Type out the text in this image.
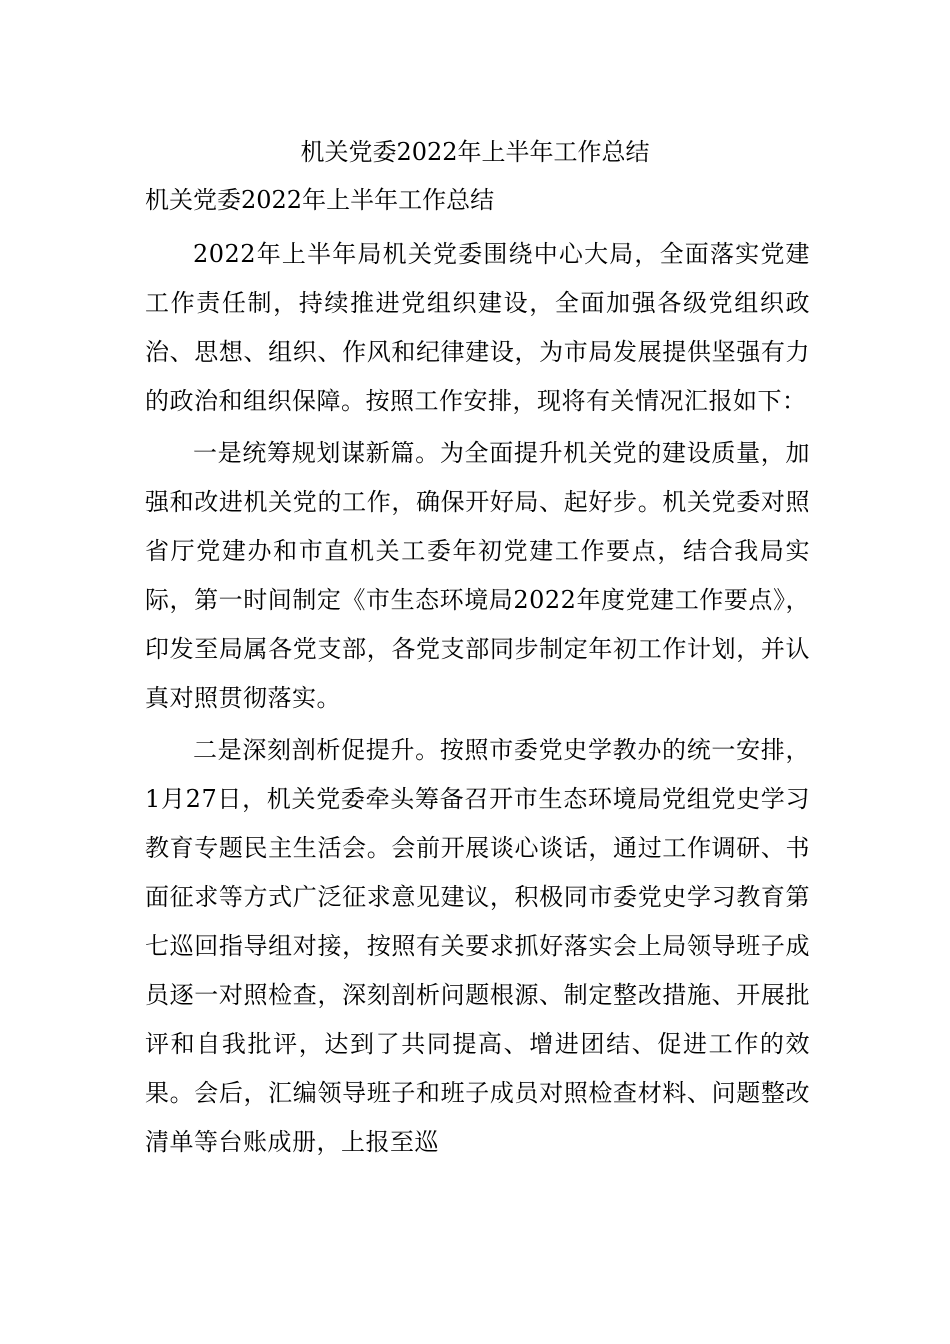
机关党委2022年上半年工作总结
机关党委2022年上半年工作总结

2022年上半年局机关党委围绕中心大局，全面落实党建工作责任制，持续推进党组织建设，全面加强各级党组织政治、思想、组织、作风和纪律建设，为市局发展提供坚强有力的政治和组织保障。按照工作安排，现将有关情况汇报如下：

一是统筹规划谋新篇。为全面提升机关党的建设质量，加强和改进机关党的工作，确保开好局、起好步。机关党委对照省厅党建办和市直机关工委年初党建工作要点，结合我局实际，第一时间制定《市生态环境局2022年度党建工作要点》，印发至局属各党支部，各党支部同步制定年初工作计划，并认真对照贯彻落实。

二是深刻剖析促提升。按照市委党史学教办的统一安排，1月27日，机关党委牵头筹备召开市生态环境局党组党史学习教育专题民主生活会。会前开展谈心谈话，通过工作调研、书面征求等方式广泛征求意见建议，积极同市委党史学习教育第七巡回指导组对接，按照有关要求抓好落实会上局领导班子成员逐一对照检查，深刻剖析问题根源、制定整改措施、开展批评和自我批评，达到了共同提高、增进团结、促进工作的效果。会后，汇编领导班子和班子成员对照检查材料、问题整改清单等台账成册，上报至巡
